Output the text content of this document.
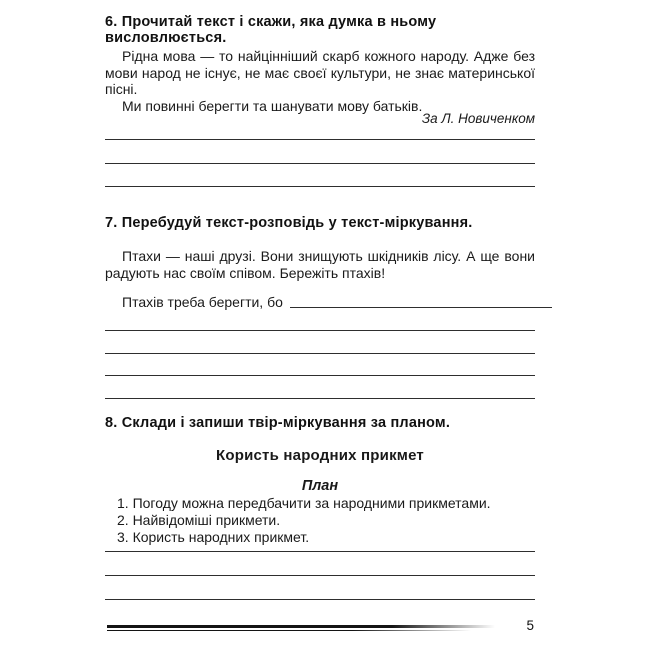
6. Прочитай текст і скажи, яка думка в ньому висловлюється.

Рідна мова — то найцінніший скарб кожного народу. Адже без мови народ не існує, не має своєї культури, не знає материнської пісні.

Ми повинні берегти та шанувати мову батьків.

За Л. Новиченком
7. Перебудуй текст-розповідь у текст-міркування.

Птахи — наші друзі. Вони знищують шкідників лісу. А ще вони радують нас своїм співом. Бережіть птахів!

Птахів треба берегти, бо
8. Склади і запиши твір-міркування за планом.
Користь народних прикмет
План
1. Погоду можна передбачити за народними прикметами.
2. Найвідоміші прикмети.
3. Користь народних прикмет.
5
